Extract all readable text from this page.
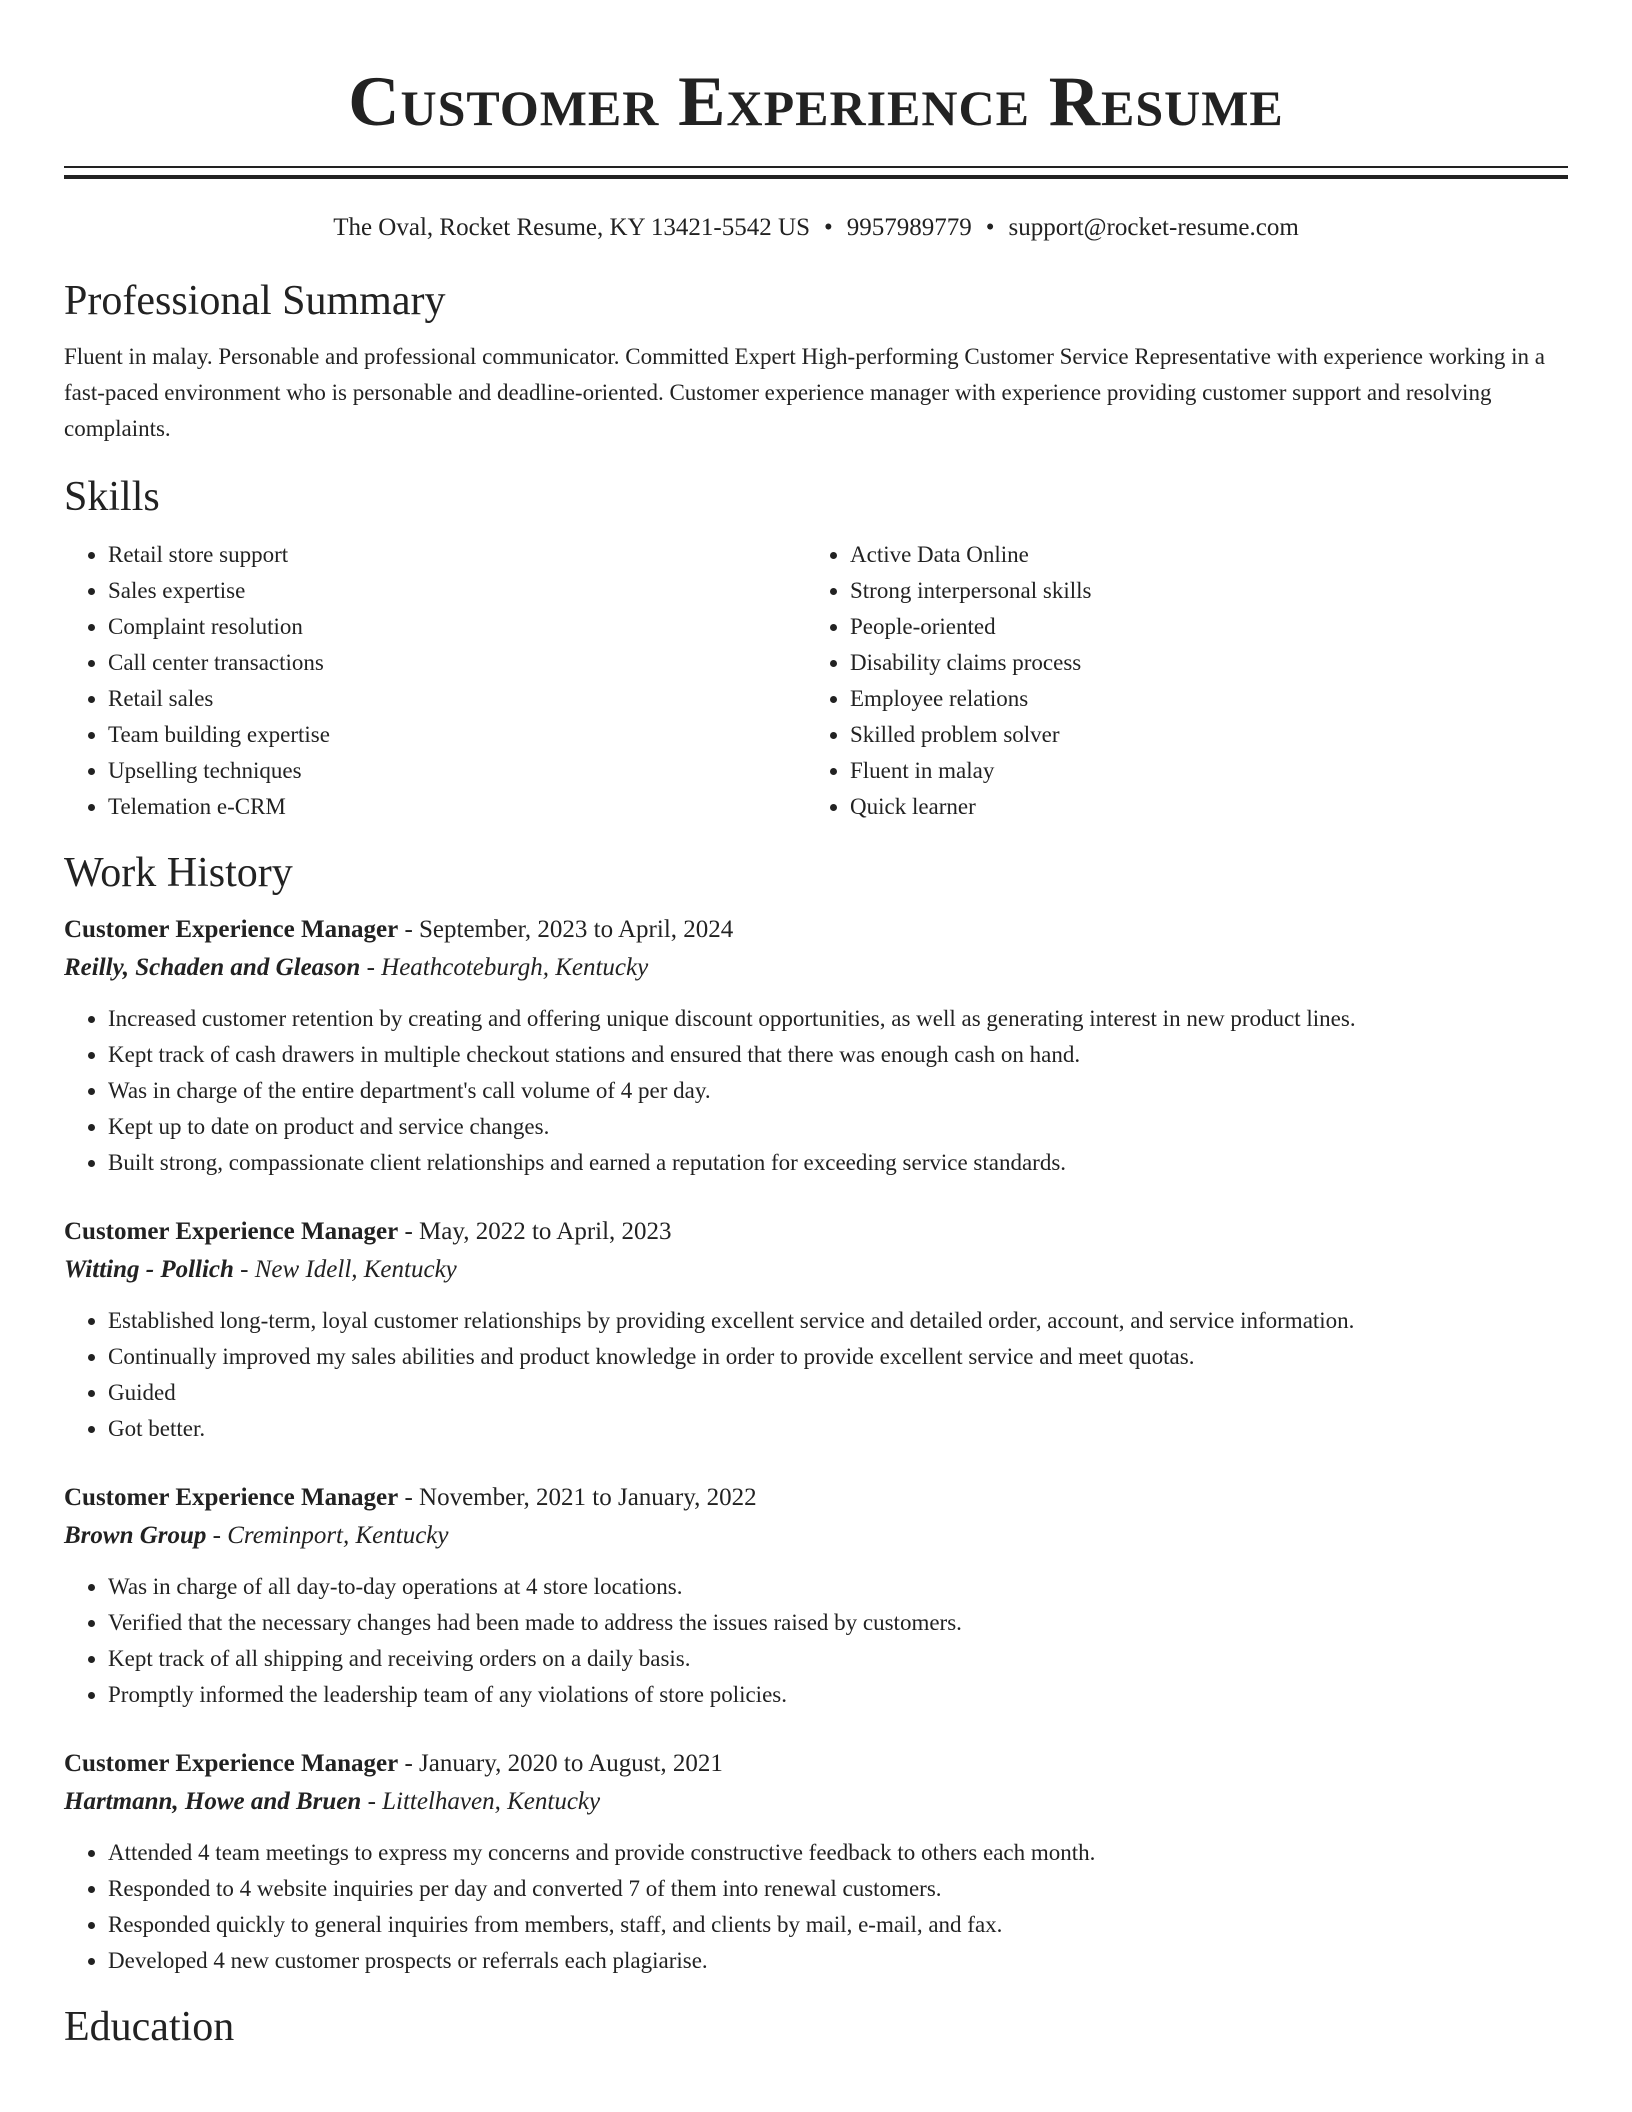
Customer Experience Resume
The Oval, Rocket Resume, KY 13421-5542 US • 9957989779 • support@rocket-resume.com
Professional Summary
Fluent in malay. Personable and professional communicator. Committed Expert High-performing Customer Service Representative with experience working in a fast-paced environment who is personable and deadline-oriented. Customer experience manager with experience providing customer support and resolving complaints.
Skills
• Retail store support
• Sales expertise
• Complaint resolution
• Call center transactions
• Retail sales
• Team building expertise
• Upselling techniques
• Telemation e-CRM
• Active Data Online
• Strong interpersonal skills
• People-oriented
• Disability claims process
• Employee relations
• Skilled problem solver
• Fluent in malay
• Quick learner
Work History
Customer Experience Manager - September, 2023 to April, 2024
Reilly, Schaden and Gleason - Heathcoteburgh, Kentucky
• Increased customer retention by creating and offering unique discount opportunities, as well as generating interest in new product lines.
• Kept track of cash drawers in multiple checkout stations and ensured that there was enough cash on hand.
• Was in charge of the entire department's call volume of 4 per day.
• Kept up to date on product and service changes.
• Built strong, compassionate client relationships and earned a reputation for exceeding service standards.
Customer Experience Manager - May, 2022 to April, 2023
Witting - Pollich - New Idell, Kentucky
• Established long-term, loyal customer relationships by providing excellent service and detailed order, account, and service information.
• Continually improved my sales abilities and product knowledge in order to provide excellent service and meet quotas.
• Guided
• Got better.
Customer Experience Manager - November, 2021 to January, 2022
Brown Group - Creminport, Kentucky
• Was in charge of all day-to-day operations at 4 store locations.
• Verified that the necessary changes had been made to address the issues raised by customers.
• Kept track of all shipping and receiving orders on a daily basis.
• Promptly informed the leadership team of any violations of store policies.
Customer Experience Manager - January, 2020 to August, 2021
Hartmann, Howe and Bruen - Littelhaven, Kentucky
• Attended 4 team meetings to express my concerns and provide constructive feedback to others each month.
• Responded to 4 website inquiries per day and converted 7 of them into renewal customers.
• Responded quickly to general inquiries from members, staff, and clients by mail, e-mail, and fax.
• Developed 4 new customer prospects or referrals each plagiarise.
Education
